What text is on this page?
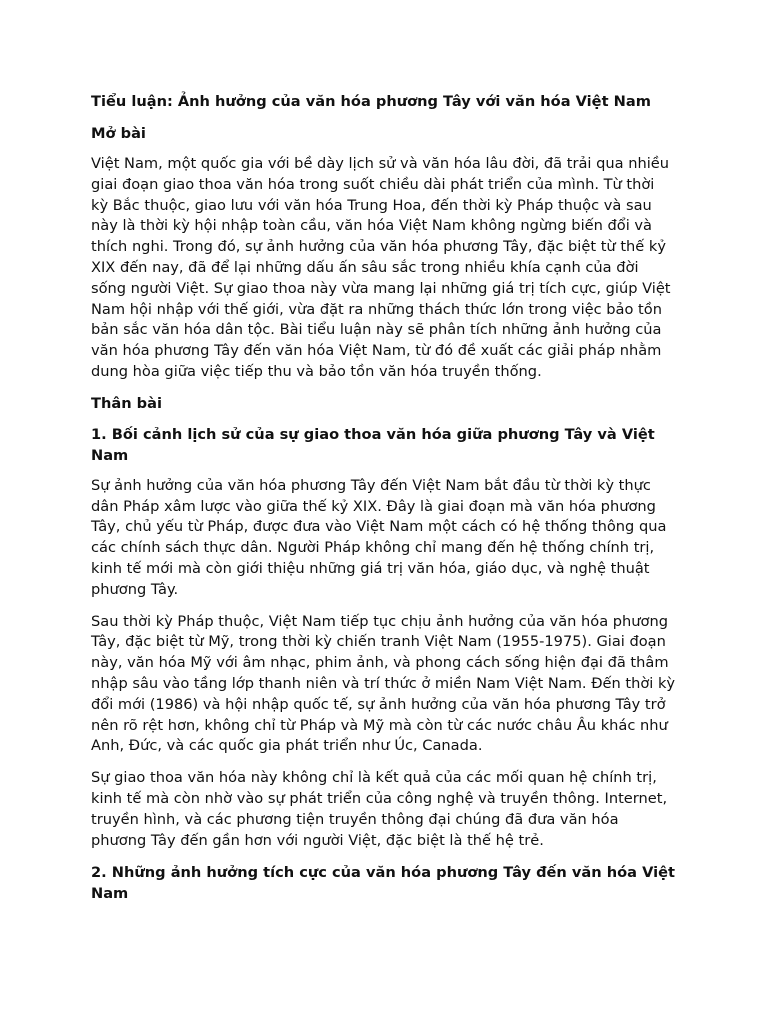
Tiểu luận: Ảnh hưởng của văn hóa phương Tây với văn hóa Việt Nam
Mở bài

Việt Nam, một quốc gia với bề dày lịch sử và văn hóa lâu đời, đã trải qua nhiều giai đoạn giao thoa văn hóa trong suốt chiều dài phát triển của mình. Từ thời kỳ Bắc thuộc, giao lưu với văn hóa Trung Hoa, đến thời kỳ Pháp thuộc và sau này là thời kỳ hội nhập toàn cầu, văn hóa Việt Nam không ngừng biến đổi và thích nghi. Trong đó, sự ảnh hưởng của văn hóa phương Tây, đặc biệt từ thế kỷ XIX đến nay, đã để lại những dấu ấn sâu sắc trong nhiều khía cạnh của đời sống người Việt. Sự giao thoa này vừa mang lại những giá trị tích cực, giúp Việt Nam hội nhập với thế giới, vừa đặt ra những thách thức lớn trong việc bảo tồn bản sắc văn hóa dân tộc. Bài tiểu luận này sẽ phân tích những ảnh hưởng của văn hóa phương Tây đến văn hóa Việt Nam, từ đó đề xuất các giải pháp nhằm dung hòa giữa việc tiếp thu và bảo tồn văn hóa truyền thống.

Thân bài
1. Bối cảnh lịch sử của sự giao thoa văn hóa giữa phương Tây và Việt Nam

Sự ảnh hưởng của văn hóa phương Tây đến Việt Nam bắt đầu từ thời kỳ thực dân Pháp xâm lược vào giữa thế kỷ XIX. Đây là giai đoạn mà văn hóa phương Tây, chủ yếu từ Pháp, được đưa vào Việt Nam một cách có hệ thống thông qua các chính sách thực dân. Người Pháp không chỉ mang đến hệ thống chính trị, kinh tế mới mà còn giới thiệu những giá trị văn hóa, giáo dục, và nghệ thuật phương Tây.

Sau thời kỳ Pháp thuộc, Việt Nam tiếp tục chịu ảnh hưởng của văn hóa phương Tây, đặc biệt từ Mỹ, trong thời kỳ chiến tranh Việt Nam (1955-1975). Giai đoạn này, văn hóa Mỹ với âm nhạc, phim ảnh, và phong cách sống hiện đại đã thâm nhập sâu vào tầng lớp thanh niên và trí thức ở miền Nam Việt Nam. Đến thời kỳ đổi mới (1986) và hội nhập quốc tế, sự ảnh hưởng của văn hóa phương Tây trở nên rõ rệt hơn, không chỉ từ Pháp và Mỹ mà còn từ các nước châu Âu khác như Anh, Đức, và các quốc gia phát triển như Úc, Canada.

Sự giao thoa văn hóa này không chỉ là kết quả của các mối quan hệ chính trị, kinh tế mà còn nhờ vào sự phát triển của công nghệ và truyền thông. Internet, truyền hình, và các phương tiện truyền thông đại chúng đã đưa văn hóa phương Tây đến gần hơn với người Việt, đặc biệt là thế hệ trẻ.

2. Những ảnh hưởng tích cực của văn hóa phương Tây đến văn hóa Việt Nam
